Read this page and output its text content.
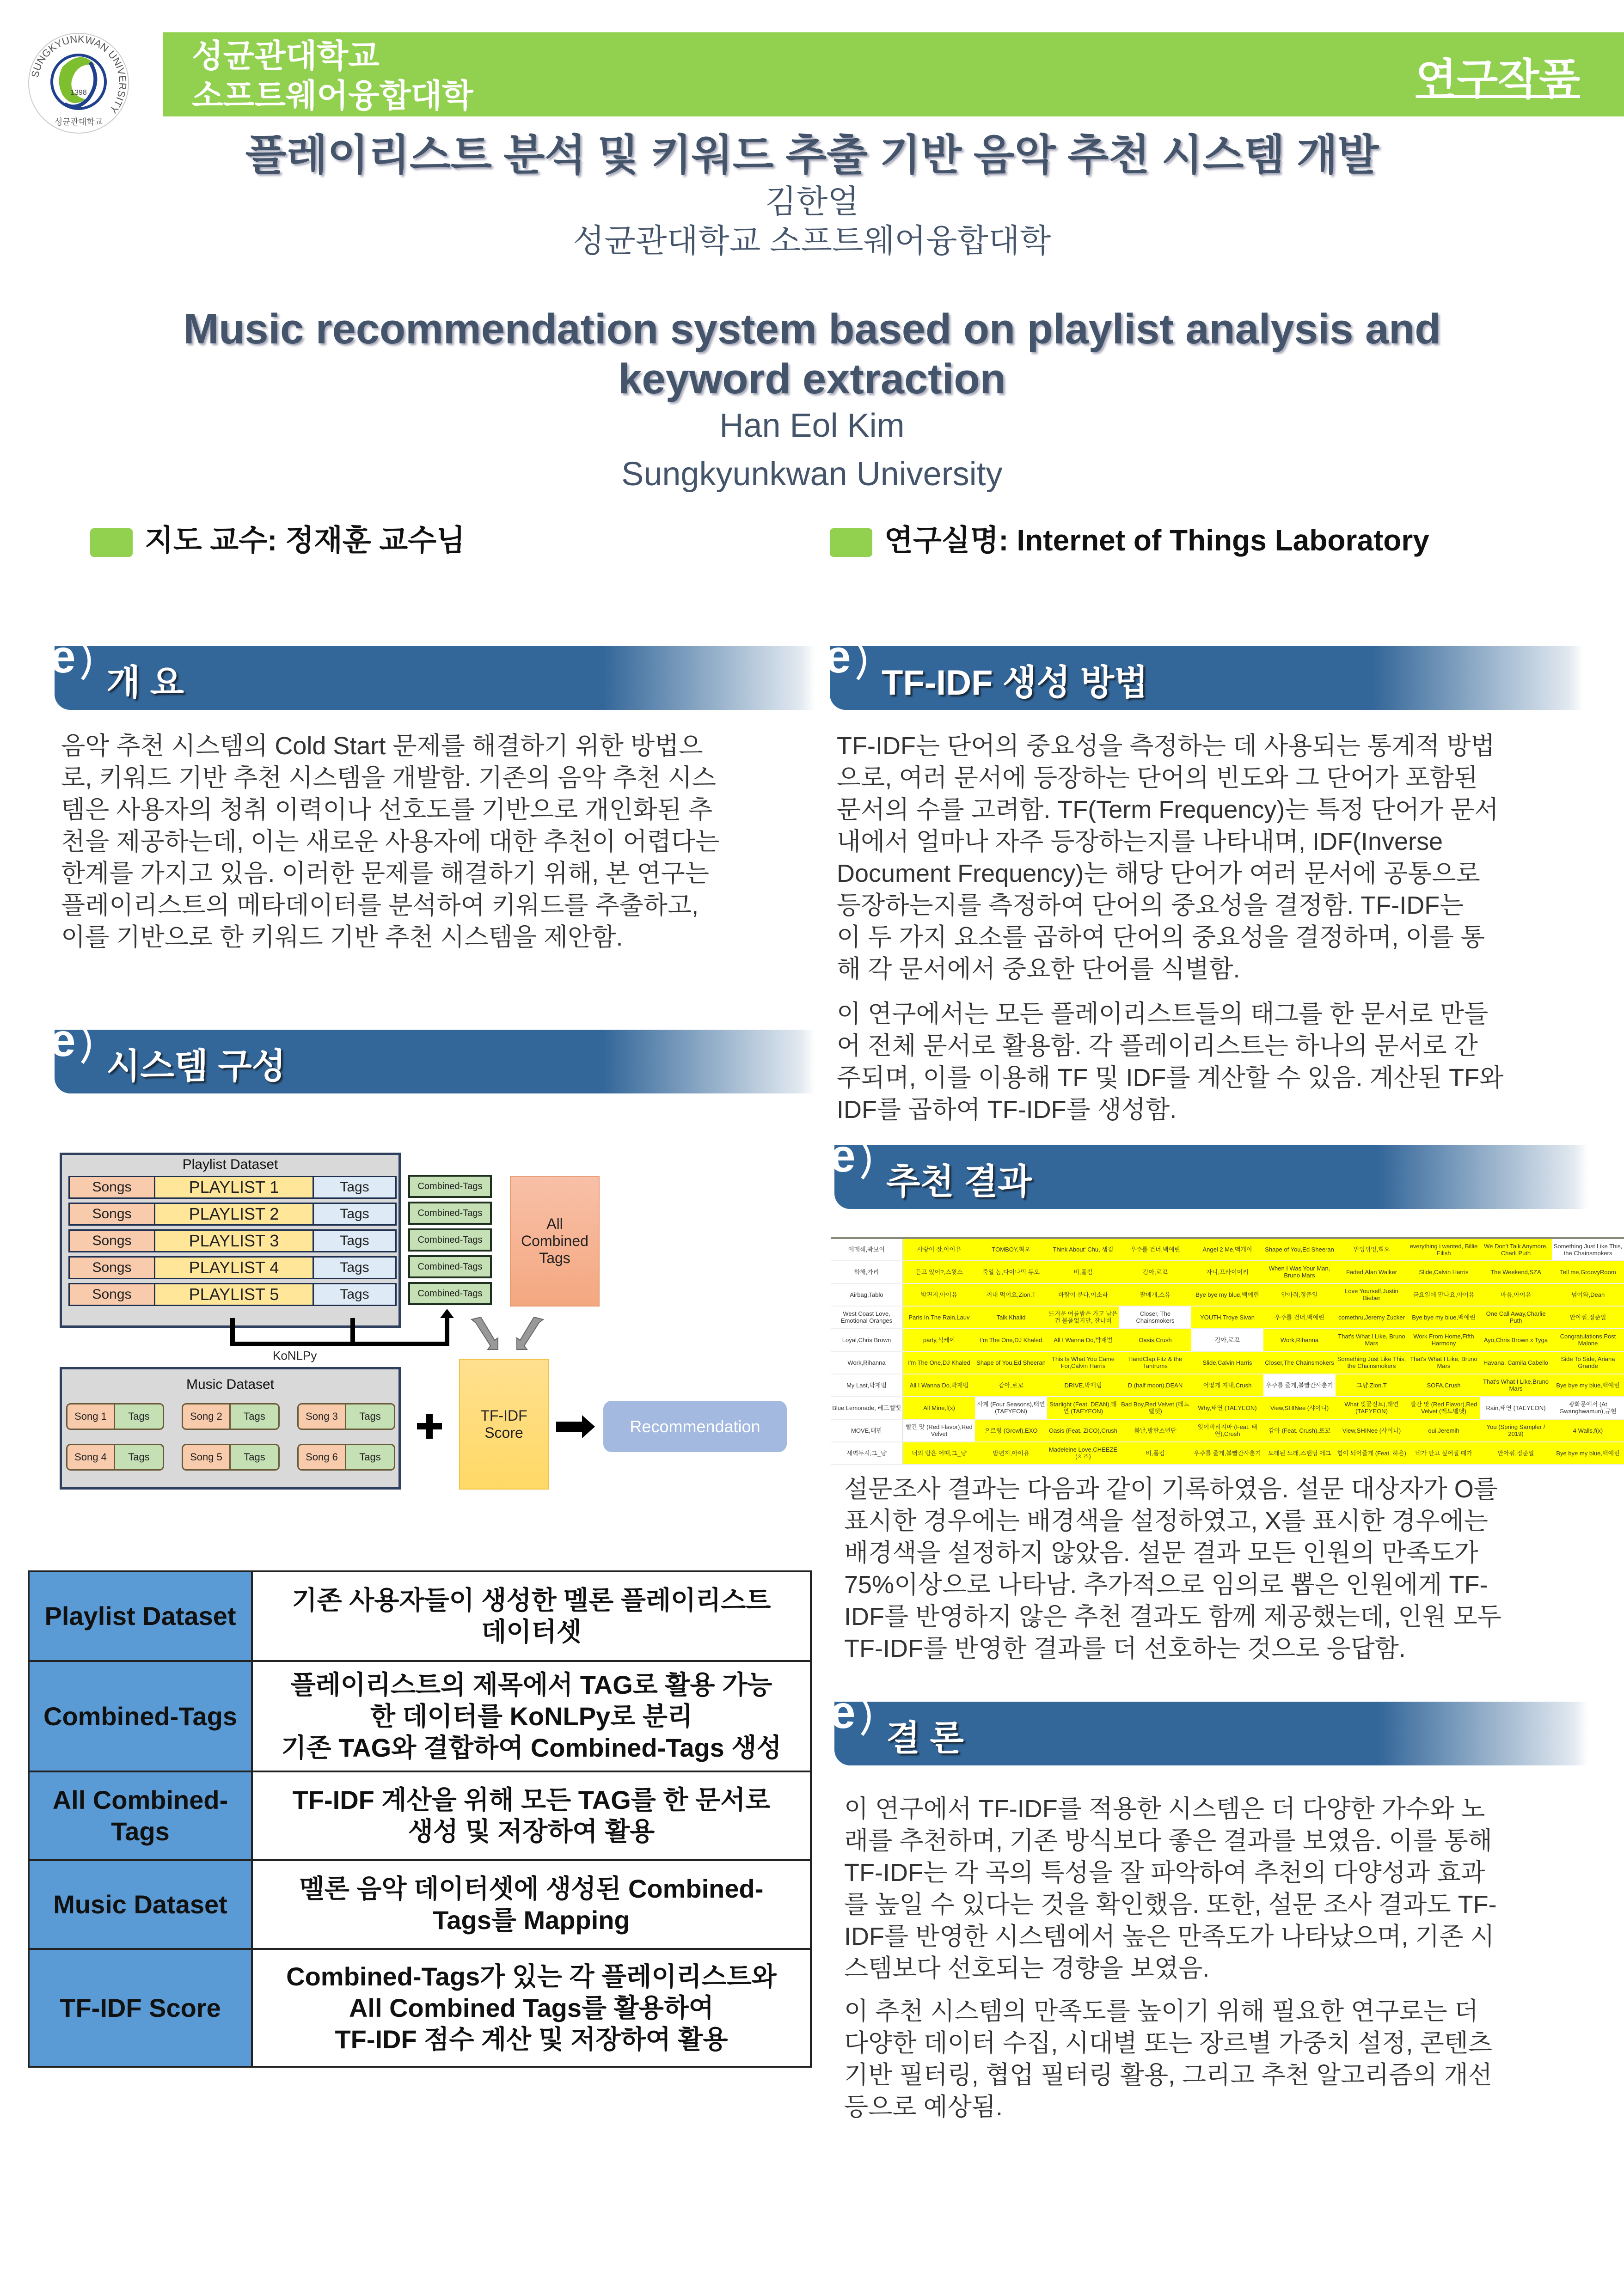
SUNGKYUNKWAN UNIVERSITY
1398
성균관대학교
성균관대학교
소프트웨어융합대학	연구작품
플레이리스트 분석 및 키워드 추출 기반 음악 추천 시스템 개발
김한얼
성균관대학교 소프트웨어융합대학
Music recommendation system based on playlist analysis and
keyword extraction
Han Eol Kim
Sungkyunkwan University
지도 교수: 정재훈 교수님	연구실명: Internet of Things Laboratory
e
개 요
e
시스템 구성
e
TF-IDF 생성 방법
e
추천 결과
e
결 론
음악 추천 시스템의 Cold Start 문제를 해결하기 위한 방법으
로, 키워드 기반 추천 시스템을 개발함. 기존의 음악 추천 시스
템은 사용자의 청취 이력이나 선호도를 기반으로 개인화된 추
천을 제공하는데, 이는 새로운 사용자에 대한 추천이 어렵다는
한계를 가지고 있음. 이러한 문제를 해결하기 위해, 본 연구는
플레이리스트의 메타데이터를 분석하여 키워드를 추출하고,
이를 기반으로 한 키워드 기반 추천 시스템을 제안함.
TF-IDF는 단어의 중요성을 측정하는 데 사용되는 통계적 방법
으로, 여러 문서에 등장하는 단어의 빈도와 그 단어가 포함된
문서의 수를 고려함. TF(Term Frequency)는 특정 단어가 문서
내에서 얼마나 자주 등장하는지를 나타내며, IDF(Inverse
Document Frequency)는 해당 단어가 여러 문서에 공통으로
등장하는지를 측정하여 단어의 중요성을 결정함. TF-IDF는
이 두 가지 요소를 곱하여 단어의 중요성을 결정하며, 이를 통
해 각 문서에서 중요한 단어를 식별함.
이 연구에서는 모든 플레이리스트들의 태그를 한 문서로 만들
어 전체 문서로 활용함. 각 플레이리스트는 하나의 문서로 간
주되며, 이를 이용해 TF 및 IDF를 계산할 수 있음. 계산된 TF와
IDF를 곱하여 TF-IDF를 생성함.
설문조사 결과는 다음과 같이 기록하였음. 설문 대상자가 O를
표시한 경우에는 배경색을 설정하였고, X를 표시한 경우에는
배경색을 설정하지 않았음. 설문 결과 모든 인원의 만족도가
75%이상으로 나타남. 추가적으로 임의로 뽑은 인원에게 TF-
IDF를 반영하지 않은 추천 결과도 함께 제공했는데, 인원 모두
TF-IDF를 반영한 결과를 더 선호하는 것으로 응답함.
이 연구에서 TF-IDF를 적용한 시스템은 더 다양한 가수와 노
래를 추천하며, 기존 방식보다 좋은 결과를 보였음. 이를 통해
TF-IDF는 각 곡의 특성을 잘 파악하여 추천의 다양성과 효과
를 높일 수 있다는 것을 확인했음. 또한, 설문 조사 결과도 TF-
IDF를 반영한 시스템에서 높은 만족도가 나타났으며, 기존 시
스템보다 선호되는 경향을 보였음.
이 추천 시스템의 만족도를 높이기 위해 필요한 연구로는 더
다양한 데이터 수집, 시대별 또는 장르별 가중치 설정, 콘텐츠
기반 필터링, 협업 필터링 활용, 그리고 추천 알고리즘의 개선
등으로 예상됨.
Playlist Dataset
Songs	PLAYLIST 1	Tags
Songs	PLAYLIST 2	Tags
Songs	PLAYLIST 3	Tags
Songs	PLAYLIST 4	Tags
Songs	PLAYLIST 5	Tags
Combined-Tags
Combined-Tags
Combined-Tags
Combined-Tags
Combined-Tags
All Combined Tags
KoNLPy
Music Dataset
Song 1	Tags	Song 2	Tags	Song 3	Tags
Song 4	Tags	Song 5	Tags	Song 6	Tags
TF-IDF Score	Recommendation
Playlist Dataset	기존 사용자들이 생성한 멜론 플레이리스트
데이터셋

Combined-Tags	플레이리스트의 제목에서 TAG로 활용 가능
한 데이터를 KoNLPy로 분리
기존 TAG와 결합하여 Combined-Tags 생성

All Combined-Tags	TF-IDF 계산을 위해 모든 TAG를 한 문서로
생성 및 저장하여 활용

Music Dataset	멜론 음악 데이터셋에 생성된 Combined-
Tags를 Mapping

TF-IDF Score	Combined-Tags가 있는 각 플레이리스트와
All Combined Tags를 활용하여
TF-IDF 점수 계산 및 저장하여 활용
애매해,곽보이	사랑이 잘,아이유	TOMBOY,혁오	Think About' Chu, 샘김	우주를 건너,백예린	Angel 2 Me,맥케이	Shape of You,Ed Sheeran	위잉위잉,혁오	everything i wanted, Billie Eilish	We Don't Talk Anymore, Charli Puth	Something Just Like This, the Chainsmokers
하해,가리	듣고 있어?,스윗스	죽일 놈,다이나믹 듀오	비,폴킴	감아,로꼬	자니,프라이머리	When I Was Your Man, Bruno Mars	Faded,Alan Walker	Slide,Calvin Harris	The Weekend,SZA	Tell me,GroovyRoom
Airbag,Tablo	밤편지,아이유	꺼내 먹어요,Zion.T	바람이 분다,이소라	팔베개,소유	Bye bye my blue,백예린	안아줘,정준일	Love Yourself,Justin Bieber	금요일에 만나요,아이유	마음,아이유	넘어와,Dean
West Coast Love, Emotional Oranges	Paris In The Rain,Lauv	Talk,Khalid	뜨거운 여름밤은 가고 남은 건 볼품없지만, 잔나비	Closer, The Chainsmokers	YOUTH,Troye Sivan	우주를 건너,백예린	comethru,Jeremy Zucker	Bye bye my blue,백예린	One Call Away,Charlie Puth	안아줘,정준일
Loyal,Chris Brown	party,식케이	I'm The One,DJ Khaled	All I Wanna Do,박재범	Oasis,Crush	감아,로꼬	Work,Rihanna	That's What I Like, Bruno Mars	Work From Home,Fifth Harmony	Ayo,Chris Brown x Tyga	Congratulations,Post Malone
Work,Rihanna	I'm The One,DJ Khaled	Shape of You,Ed Sheeran	This Is What You Came For,Calvin Harris	HandClap,Fitz & the Tantrums	Slide,Calvin Harris	Closer,The Chainsmokers	Something Just Like This, the Chainsmokers	That's What I Like, Bruno Mars	Havana, Camila Cabello	Side To Side, Ariana Grande
My Last,박재범	All I Wanna Do,박재범	감아,로꼬	DRIVE,박재범	D (half moon),DEAN	어떻게 지내,Crush	우주를 줄게,볼빨간사춘기	그냥,Zion.T	SOFA,Crush	That's What I Like,Bruno Mars	Bye bye my blue,백예린
Blue Lemonade, 레드벨벳	All Mine,f(x)	사계 (Four Seasons),태연 (TAEYEON)	Starlight (Feat. DEAN),태연 (TAEYEON)	Bad Boy,Red Velvet (레드벨벳)	Why,태연 (TAEYEON)	View,SHINee (샤이니)	What 벚꽃진트),태연 (TAEYEON)	빨간 맛 (Red Flavor),Red Velvet (레드벨벳)	Rain,태연 (TAEYEON)	광화문에서 (At Gwanghwamun),규현
MOVE,태민	빨간 맛 (Red Flavor),Red Velvet	으르렁 (Growl),EXO	Oasis (Feat. ZICO),Crush	봄날,방탄소년단	잊어버리지마 (Feat. 태연),Crush	감아 (Feat. Crush),로꼬	View,SHINee (샤이니)	oui,Jeremih	You (Spring Sampler / 2019)	4 Walls,f(x)
새벽두시,그_냥	너의 밤은 어때,그_냥	밤편지,아이유	Madeleine Love,CHEEZE (치즈)	비,폴킴	우주를 줄게,볼빨간사춘기	오래된 노래,스탠딩 에그	힘이 되어줄게 (Feat. 하은)	네가 안고 싶어질 때가	안아줘,정준일	Bye bye my blue,백예린
